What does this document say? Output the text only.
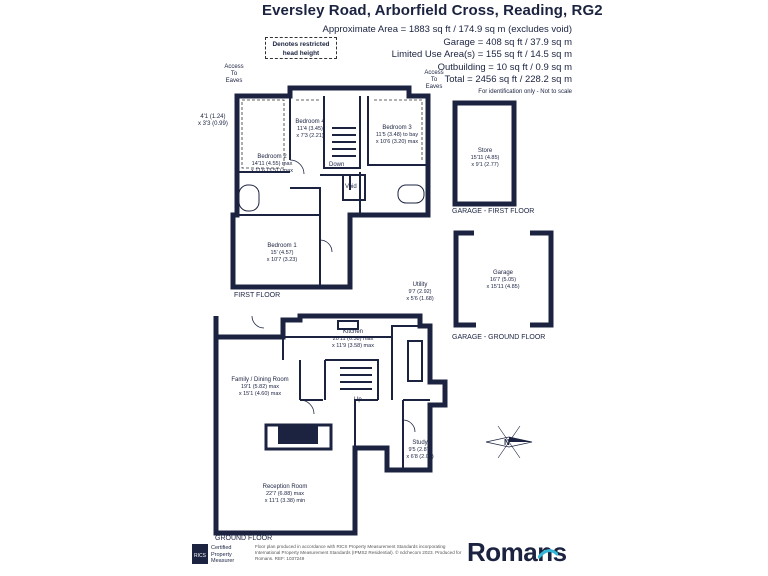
Eversley Road, Arborfield Cross, Reading, RG2
Approximate Area = 1883 sq ft / 174.9 sq m (excludes void)
Garage = 408 sq ft / 37.9 sq m
Limited Use Area(s) = 155 sq ft / 14.5 sq m
Outbuilding = 10 sq ft / 0.9 sq m
Total = 2456 sq ft / 228.2 sq m
For identification only - Not to scale
Denotes restricted head height
FIRST FLOOR
GROUND FLOOR
GARAGE - FIRST FLOOR
GARAGE - GROUND FLOOR
Access To Eaves
Access To Eaves
4'1 (1.24)
x 3'3 (0.99)
Down
Up
Void
Bedroom 2
14'11 (4.55) max
x 11'6 (3.51) max
Bedroom 4
11'4 (3.45)
x 7'3 (2.21)
Bedroom 3
11'5 (3.48) to bay
x 10'6 (3.20) max
Bedroom 1
15' (4.57)
x 10'7 (3.23)
Store
15'11 (4.85)
x 9'1 (2.77)
Garage
16'7 (5.05)
x 15'11 (4.85)
Utility
9'7 (2.92)
x 5'6 (1.68)
Kitchen
20'11 (6.38) max
x 11'9 (3.58) max
Family / Dining Room
19'1 (5.82) max
x 15'1 (4.60) max
Study
9'5 (2.87)
x 6'8 (2.03)
Reception Room
22'7 (6.88) max
x 11'1 (3.38) min
N
RICS
Certified
Property
Measurer
Floor plan produced in accordance with RICS Property Measurement Standards incorporating International Property Measurement Standards (IPMS2 Residential). © ndchecom 2023. Produced for Romans. REF: 1037249	Romans
